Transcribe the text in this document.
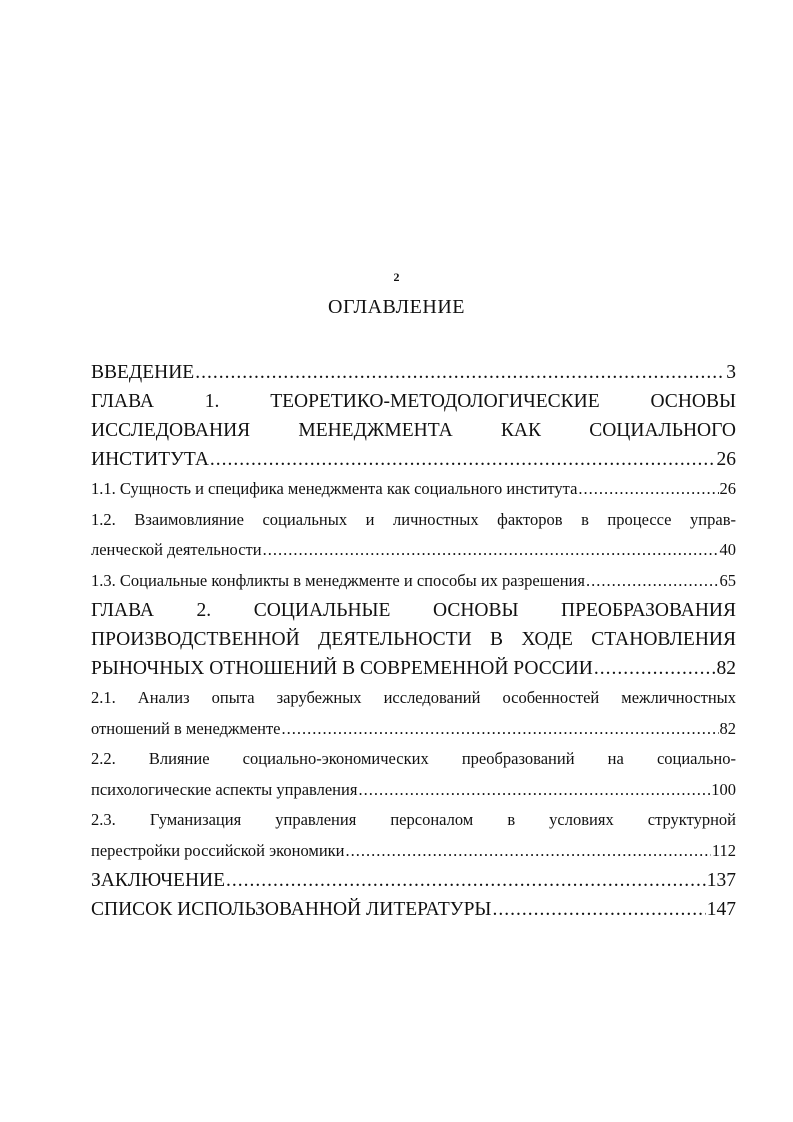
2
ОГЛАВЛЕНИЕ
ВВЕДЕНИЕ .....	3
ГЛАВА 1. ТЕОРЕТИКО-МЕТОДОЛОГИЧЕСКИЕ ОСНОВЫ
ИССЛЕДОВАНИЯ МЕНЕДЖМЕНТА КАК СОЦИАЛЬНОГО
ИНСТИТУТА .....	26
1.1. Сущность и специфика менеджмента как социального института .....	26
1.2. Взаимовлияние социальных и личностных факторов в процессе управ-
ленческой деятельности .....	40
1.3. Социальные конфликты в менеджменте и способы их разрешения .....	65
ГЛАВА 2. СОЦИАЛЬНЫЕ ОСНОВЫ ПРЕОБРАЗОВАНИЯ
ПРОИЗВОДСТВЕННОЙ ДЕЯТЕЛЬНОСТИ В ХОДЕ СТАНОВЛЕНИЯ
РЫНОЧНЫХ ОТНОШЕНИЙ В СОВРЕМЕННОЙ РОССИИ .....	82
2.1. Анализ опыта зарубежных исследований особенностей межличностных
отношений в менеджменте .....	82
2.2. Влияние социально-экономических преобразований на социально-
психологические аспекты управления .....	100
2.3. Гуманизация управления персоналом в условиях структурной
перестройки российской экономики .....	112
ЗАКЛЮЧЕНИЕ .....	137
СПИСОК ИСПОЛЬЗОВАННОЙ ЛИТЕРАТУРЫ .....	147
